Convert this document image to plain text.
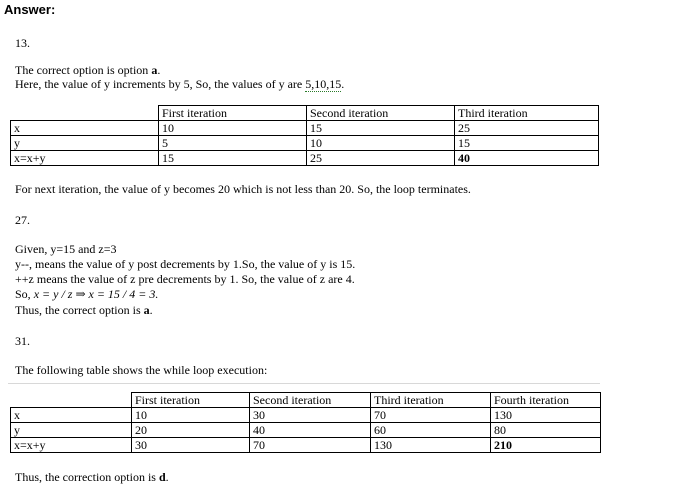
Answer:
13.
The correct option is option a.
Here, the value of y increments by 5, So, the values of y are 5,10,15.
	First iteration	Second iteration	Third iteration
x	10	15	25
y	5	10	15
x=x+y	15	25	40
For next iteration, the value of y becomes 20 which is not less than 20. So, the loop terminates.
27.
Given, y=15 and z=3
y--, means the value of y post decrements by 1.So, the value of y is 15.
++z means the value of z pre decrements by 1. So, the value of z are 4.
So, x = y / z ⇒ x = 15 / 4 = 3.
Thus, the correct option is a.
31.
The following table shows the while loop execution:
	First iteration	Second iteration	Third iteration	Fourth iteration
x	10	30	70	130
y	20	40	60	80
x=x+y	30	70	130	210
Thus, the correction option is d.
